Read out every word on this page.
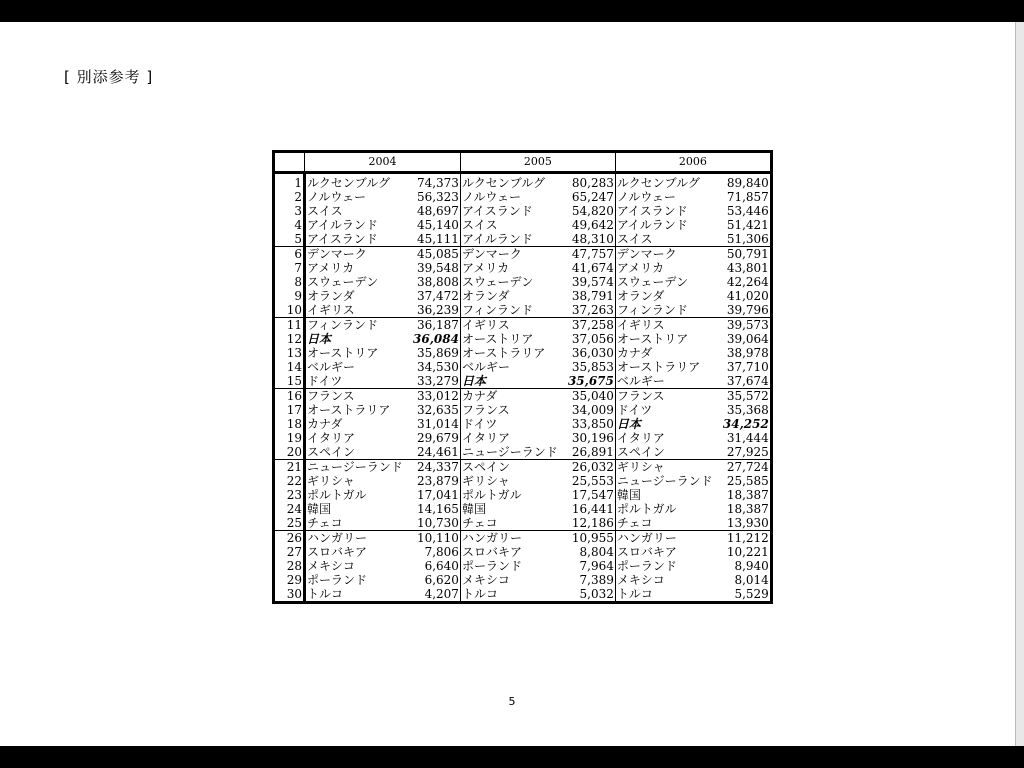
[ 別添参考 ]
	2004		2005		2006	
1	ルクセンブルグ	74,373	ルクセンブルグ	80,283	ルクセンブルグ	89,840
2	ノルウェー	56,323	ノルウェー	65,247	ノルウェー	71,857
3	スイス	48,697	アイスランド	54,820	アイスランド	53,446
4	アイルランド	45,140	スイス	49,642	アイルランド	51,421
5	アイスランド	45,111	アイルランド	48,310	スイス	51,306
6	デンマーク	45,085	デンマーク	47,757	デンマーク	50,791
7	アメリカ	39,548	アメリカ	41,674	アメリカ	43,801
8	スウェーデン	38,808	スウェーデン	39,574	スウェーデン	42,264
9	オランダ	37,472	オランダ	38,791	オランダ	41,020
10	イギリス	36,239	フィンランド	37,263	フィンランド	39,796
11	フィンランド	36,187	イギリス	37,258	イギリス	39,573
12	日本	36,084	オーストリア	37,056	オーストリア	39,064
13	オーストリア	35,869	オーストラリア	36,030	カナダ	38,978
14	ベルギー	34,530	ベルギー	35,853	オーストラリア	37,710
15	ドイツ	33,279	日本	35,675	ベルギー	37,674
16	フランス	33,012	カナダ	35,040	フランス	35,572
17	オーストラリア	32,635	フランス	34,009	ドイツ	35,368
18	カナダ	31,014	ドイツ	33,850	日本	34,252
19	イタリア	29,679	イタリア	30,196	イタリア	31,444
20	スペイン	24,461	ニュージーランド	26,891	スペイン	27,925
21	ニュージーランド	24,337	スペイン	26,032	ギリシャ	27,724
22	ギリシャ	23,879	ギリシャ	25,553	ニュージーランド	25,585
23	ポルトガル	17,041	ポルトガル	17,547	韓国	18,387
24	韓国	14,165	韓国	16,441	ポルトガル	18,387
25	チェコ	10,730	チェコ	12,186	チェコ	13,930
26	ハンガリー	10,110	ハンガリー	10,955	ハンガリー	11,212
27	スロバキア	7,806	スロバキア	8,804	スロバキア	10,221
28	メキシコ	6,640	ポーランド	7,964	ポーランド	8,940
29	ポーランド	6,620	メキシコ	7,389	メキシコ	8,014
30	トルコ	4,207	トルコ	5,032	トルコ	5,529
5
